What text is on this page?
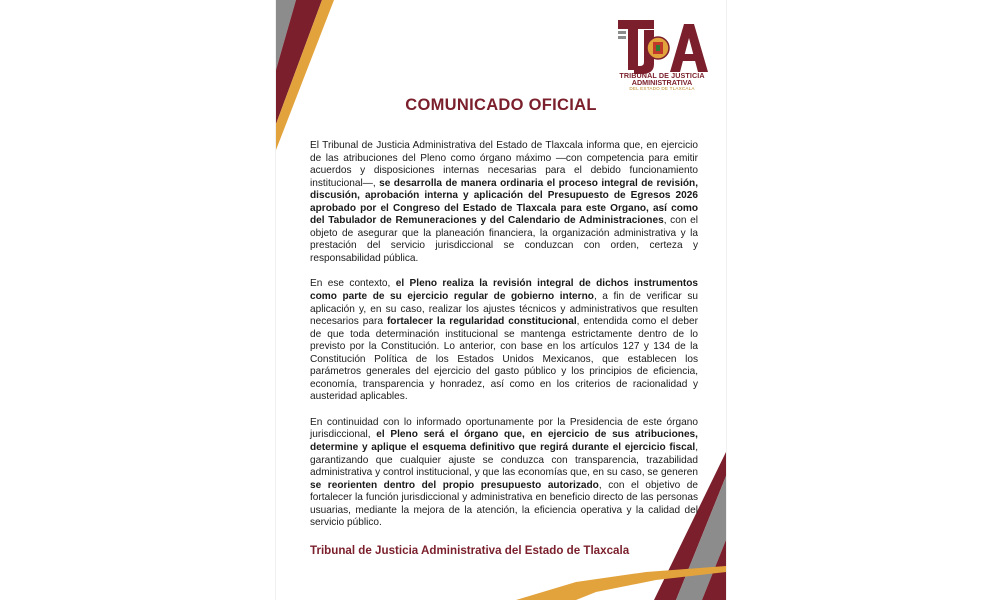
TRIBUNAL DE JUSTICIA
ADMINISTRATIVA
DEL ESTADO DE TLAXCALA
COMUNICADO OFICIAL

El Tribunal de Justicia Administrativa del Estado de Tlaxcala informa que, en ejercicio de las atribuciones del Pleno como órgano máximo —con competencia para emitir acuerdos y disposiciones internas necesarias para el debido funcionamiento institucional—, se desarrolla de manera ordinaria el proceso integral de revisión, discusión, aprobación interna y aplicación del Presupuesto de Egresos 2026 aprobado por el Congreso del Estado de Tlaxcala para este Organo, así como del Tabulador de Remuneraciones y del Calendario de Administraciones, con el objeto de asegurar que la planeación financiera, la organización administrativa y la prestación del servicio jurisdiccional se conduzcan con orden, certeza y responsabilidad pública.

En ese contexto, el Pleno realiza la revisión integral de dichos instrumentos como parte de su ejercicio regular de gobierno interno, a fin de verificar su aplicación y, en su caso, realizar los ajustes técnicos y administrativos que resulten necesarios para fortalecer la regularidad constitucional, entendida como el deber de que toda determinación institucional se mantenga estrictamente dentro de lo previsto por la Constitución. Lo anterior, con base en los artículos 127 y 134 de la Constitución Política de los Estados Unidos Mexicanos, que establecen los parámetros generales del ejercicio del gasto público y los principios de eficiencia, economía, transparencia y honradez, así como en los criterios de racionalidad y austeridad aplicables.

En continuidad con lo informado oportunamente por la Presidencia de este órgano jurisdiccional, el Pleno será el órgano que, en ejercicio de sus atribuciones, determine y aplique el esquema definitivo que regirá durante el ejercicio fiscal, garantizando que cualquier ajuste se conduzca con transparencia, trazabilidad administrativa y control institucional, y que las economías que, en su caso, se generen se reorienten dentro del propio presupuesto autorizado, con el objetivo de fortalecer la función jurisdiccional y administrativa en beneficio directo de las personas usuarias, mediante la mejora de la atención, la eficiencia operativa y la calidad del servicio público.

Tribunal de Justicia Administrativa del Estado de Tlaxcala
